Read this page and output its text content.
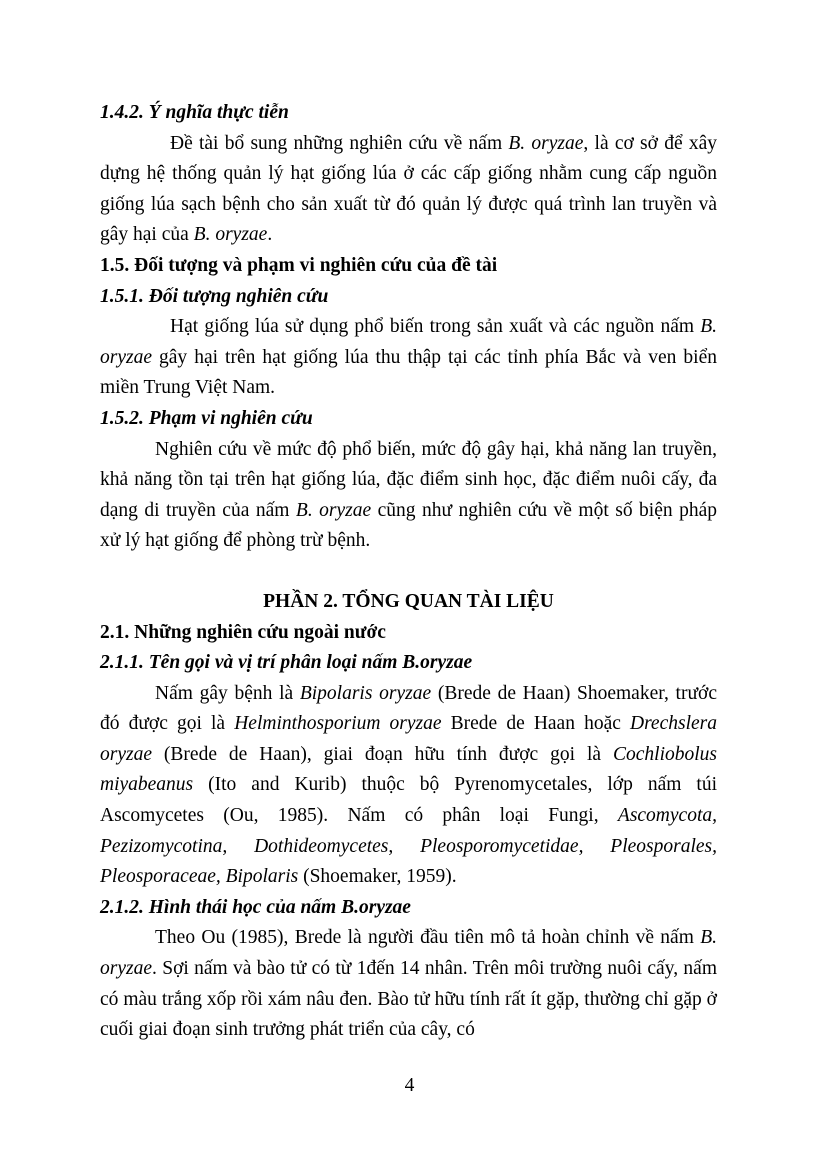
1.4.2. Ý nghĩa thực tiễn
Đề tài bổ sung những nghiên cứu về nấm B. oryzae, là cơ sở để xây dựng hệ thống quản lý hạt giống lúa ở các cấp giống nhằm cung cấp nguồn giống lúa sạch bệnh cho sản xuất từ đó quản lý được quá trình lan truyền và gây hại của B. oryzae.
1.5. Đối tượng và phạm vi nghiên cứu của đề tài
1.5.1. Đối tượng nghiên cứu
Hạt giống lúa sử dụng phổ biến trong sản xuất và các nguồn nấm B. oryzae gây hại trên hạt giống lúa thu thập tại các tỉnh phía Bắc và ven biển miền Trung Việt Nam.
1.5.2. Phạm vi nghiên cứu
Nghiên cứu về mức độ phổ biến, mức độ gây hại, khả năng lan truyền, khả năng tồn tại trên hạt giống lúa, đặc điểm sinh học, đặc điểm nuôi cấy, đa dạng di truyền của nấm B. oryzae cũng như nghiên cứu về một số biện pháp xử lý hạt giống để phòng trừ bệnh.
PHẦN 2. TỔNG QUAN TÀI LIỆU
2.1. Những nghiên cứu ngoài nước
2.1.1. Tên gọi và vị trí phân loại nấm B.oryzae
Nấm gây bệnh là Bipolaris oryzae (Brede de Haan) Shoemaker, trước đó được gọi là Helminthosporium oryzae Brede de Haan hoặc Drechslera oryzae (Brede de Haan), giai đoạn hữu tính được gọi là Cochliobolus miyabeanus (Ito and Kurib) thuộc bộ Pyrenomycetales, lớp nấm túi Ascomycetes (Ou, 1985). Nấm có phân loại Fungi, Ascomycota, Pezizomycotina, Dothideomycetes, Pleosporomycetidae, Pleosporales, Pleosporaceae, Bipolaris (Shoemaker, 1959).
2.1.2. Hình thái học của nấm B.oryzae
Theo Ou (1985), Brede là người đầu tiên mô tả hoàn chỉnh về nấm B. oryzae. Sợi nấm và bào tử có từ 1đến 14 nhân. Trên môi trường nuôi cấy, nấm có màu trắng xốp rồi xám nâu đen. Bào tử hữu tính rất ít gặp, thường chỉ gặp ở cuối giai đoạn sinh trưởng phát triển của cây, có
4
